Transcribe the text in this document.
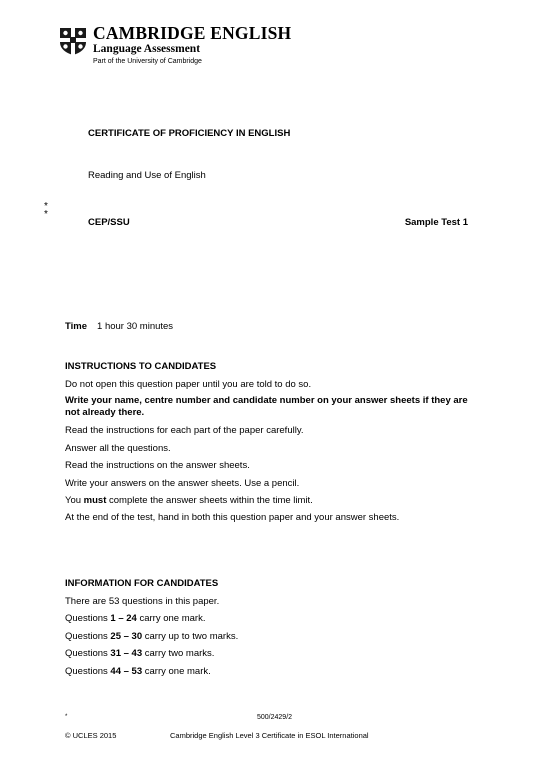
CAMBRIDGE ENGLISH
Language Assessment
Part of the University of Cambridge
CERTIFICATE OF PROFICIENCY IN ENGLISH
Reading and Use of English
*
*
CEP/SSU	Sample Test 1
Time 1 hour 30 minutes
INSTRUCTIONS TO CANDIDATES

Do not open this question paper until you are told to do so.

Write your name, centre number and candidate number on your answer sheets if they are not already there.

Read the instructions for each part of the paper carefully.

Answer all the questions.

Read the instructions on the answer sheets.

Write your answers on the answer sheets. Use a pencil.

You must complete the answer sheets within the time limit.

At the end of the test, hand in both this question paper and your answer sheets.

INFORMATION FOR CANDIDATES

There are 53 questions in this paper.

Questions 1 – 24 carry one mark.

Questions 25 – 30 carry up to two marks.

Questions 31 – 43 carry two marks.

Questions 44 – 53 carry one mark.

*	500/2429/2
© UCLES 2015	Cambridge English Level 3 Certificate in ESOL International
